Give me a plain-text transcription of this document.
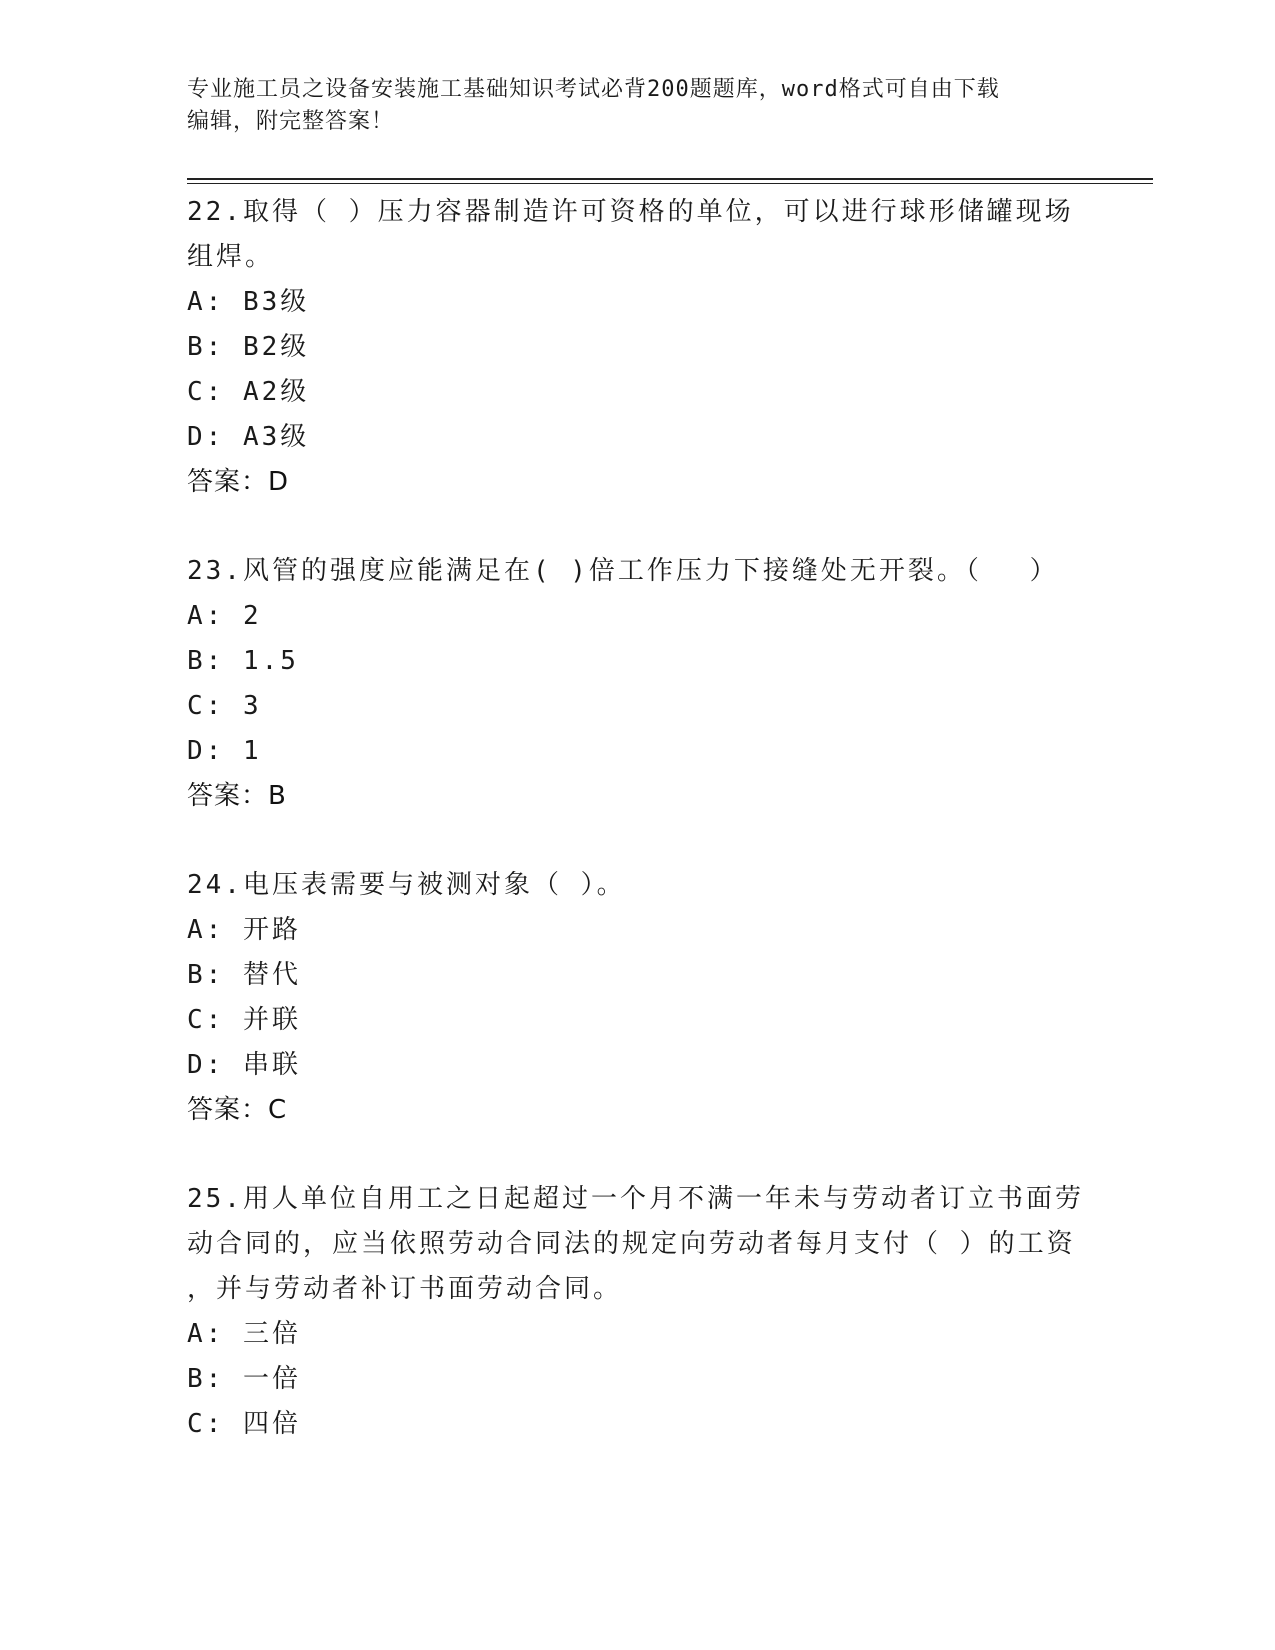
专业施工员之设备安装施工基础知识考试必背200题题库，word格式可自由下载
编辑，附完整答案！
22.取得（ ）压力容器制造许可资格的单位，可以进行球形储罐现场
组焊。
A: B3级
B: B2级
C: A2级
D: A3级
答案：D
23.风管的强度应能满足在( )倍工作压力下接缝处无开裂。（　 ）
A: 2
B: 1.5
C: 3
D: 1
答案：B
24.电压表需要与被测对象（ ）。
A: 开路
B: 替代
C: 并联
D: 串联
答案：C
25.用人单位自用工之日起超过一个月不满一年未与劳动者订立书面劳
动合同的，应当依照劳动合同法的规定向劳动者每月支付（ ）的工资
，并与劳动者补订书面劳动合同。
A: 三倍
B: 一倍
C: 四倍
